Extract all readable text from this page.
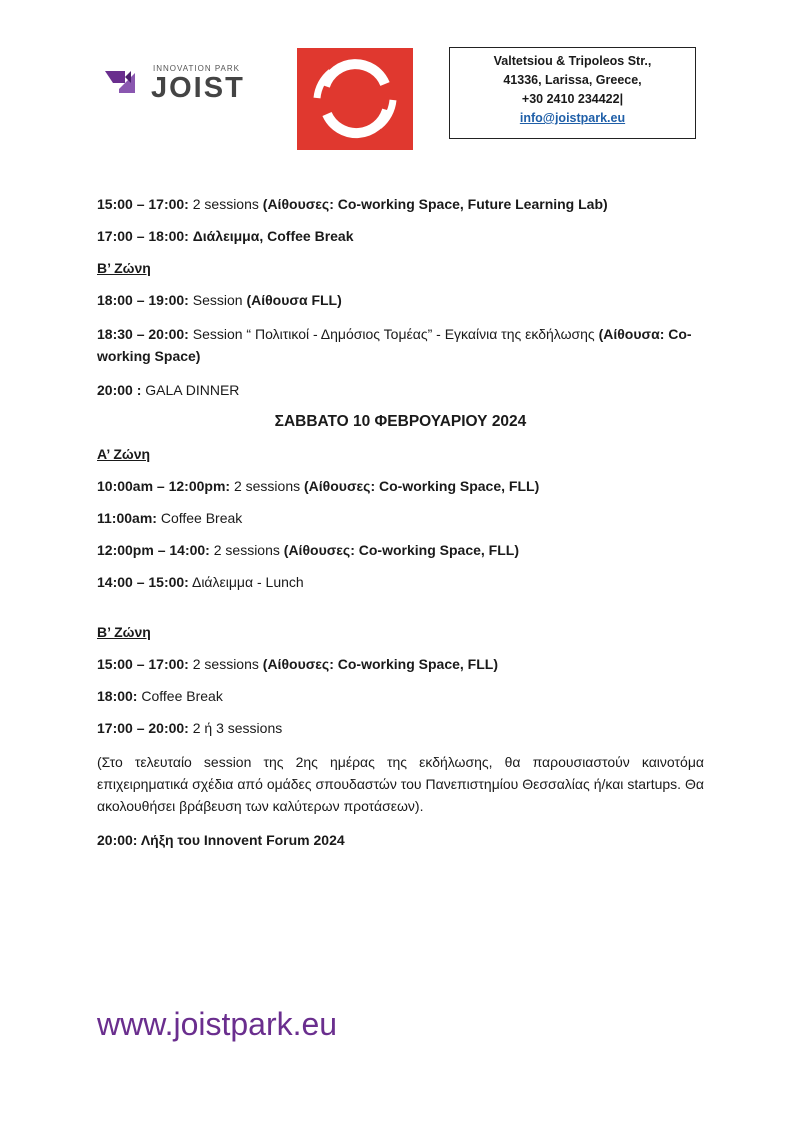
INNOVATION PARK
JOIST
Valtetsiou & Tripoleos Str.,
41336, Larissa, Greece,
+30 2410 234422|
info@joistpark.eu
15:00 – 17:00: 2 sessions (Αίθουσες: Co-working Space, Future Learning Lab)
17:00 – 18:00: Διάλειμμα, Coffee Break
Β’ Ζώνη
18:00 – 19:00: Session (Αίθουσα FLL)
18:30 – 20:00: Session “ Πολιτικοί - Δημόσιος Τομέας” - Εγκαίνια της εκδήλωσης (Αίθουσα: Co-working Space)
20:00 : GALA DINNER
ΣΑΒΒΑΤΟ 10 ΦΕΒΡΟΥΑΡΙΟΥ 2024
Α’ Ζώνη
10:00am – 12:00pm: 2 sessions (Αίθουσες: Co-working Space, FLL)
11:00am: Coffee Break
12:00pm – 14:00: 2 sessions (Αίθουσες: Co-working Space, FLL)
14:00 – 15:00: Διάλειμμα - Lunch
Β’ Ζώνη
15:00 – 17:00: 2 sessions (Αίθουσες: Co-working Space, FLL)
18:00: Coffee Break
17:00 – 20:00: 2 ή 3 sessions
(Στο τελευταίο session της 2ης ημέρας της εκδήλωσης, θα παρουσιαστούν καινοτόμα επιχειρηματικά σχέδια από ομάδες σπουδαστών του Πανεπιστημίου Θεσσαλίας ή/και startups. Θα ακολουθήσει βράβευση των καλύτερων προτάσεων).
20:00: Λήξη του Innovent Forum 2024
www.joistpark.eu
